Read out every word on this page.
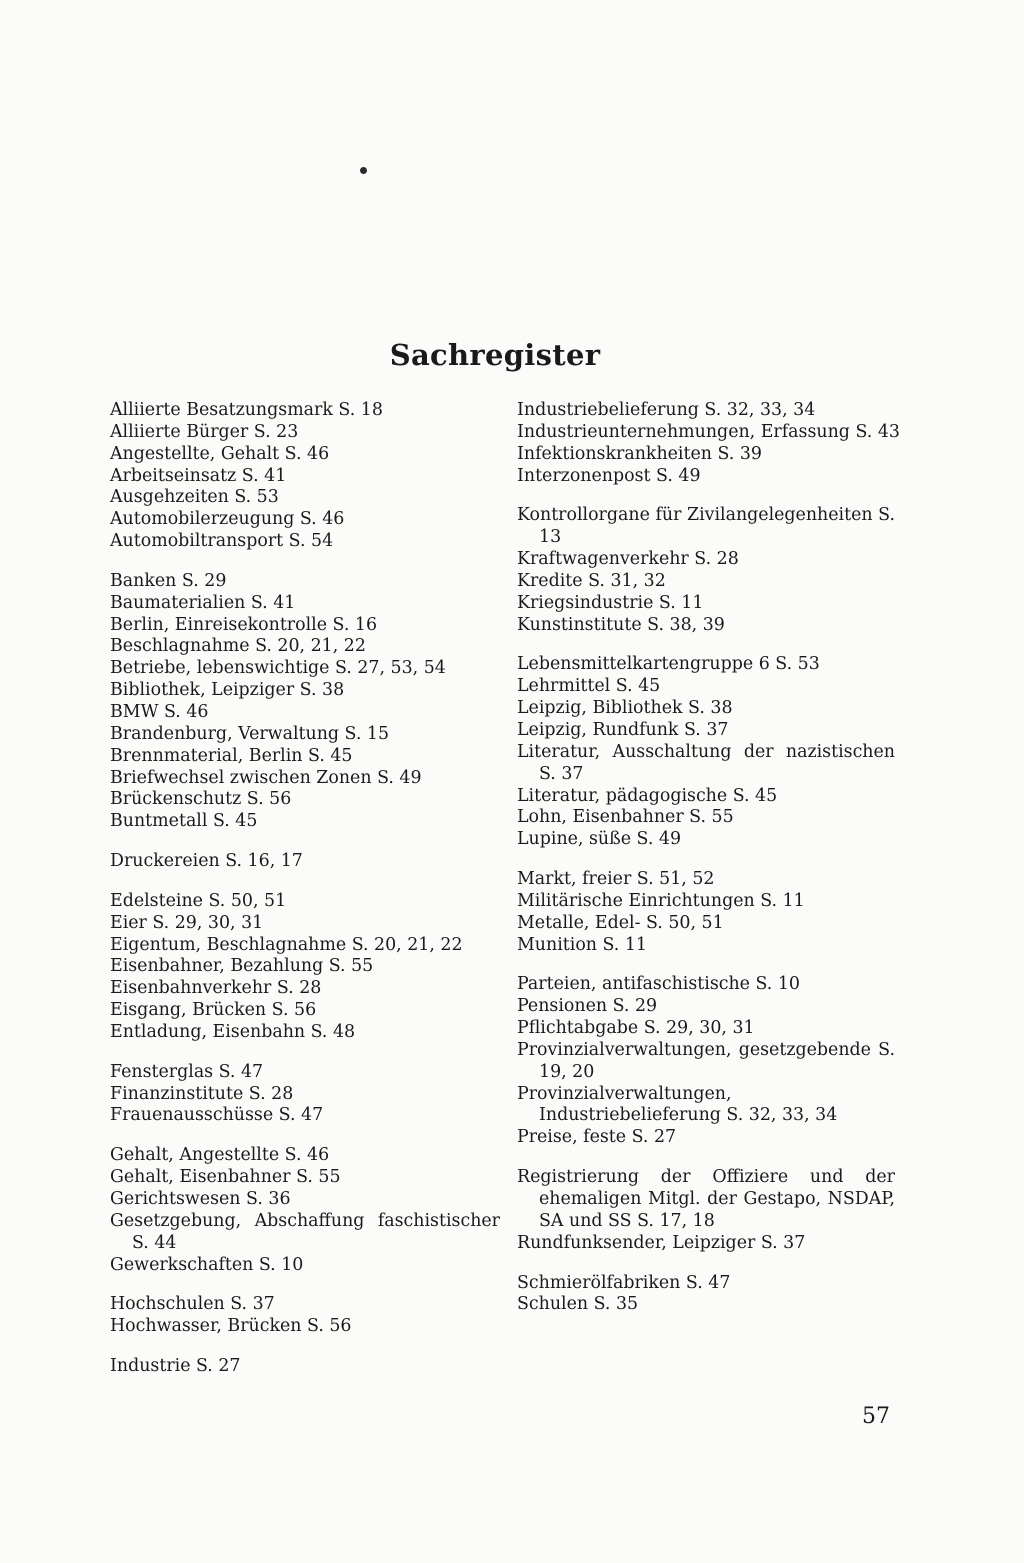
Sachregister
Alliierte Besatzungsmark S. 18
Alliierte Bürger S. 23
Angestellte, Gehalt S. 46
Arbeitseinsatz S. 41
Ausgehzeiten S. 53
Automobilerzeugung S. 46
Automobiltransport S. 54
Banken S. 29
Baumaterialien S. 41
Berlin, Einreisekontrolle S. 16
Beschlagnahme S. 20, 21, 22
Betriebe, lebenswichtige S. 27, 53, 54
Bibliothek, Leipziger S. 38
BMW S. 46
Brandenburg, Verwaltung S. 15
Brennmaterial, Berlin S. 45
Briefwechsel zwischen Zonen S. 49
Brückenschutz S. 56
Buntmetall S. 45
Druckereien S. 16, 17
Edelsteine S. 50, 51
Eier S. 29, 30, 31
Eigentum, Beschlagnahme S. 20, 21, 22
Eisenbahner, Bezahlung S. 55
Eisenbahnverkehr S. 28
Eisgang, Brücken S. 56
Entladung, Eisenbahn S. 48
Fensterglas S. 47
Finanzinstitute S. 28
Frauenausschüsse S. 47
Gehalt, Angestellte S. 46
Gehalt, Eisenbahner S. 55
Gerichtswesen S. 36
Gesetzgebung, Abschaffung faschistischer S. 44
Gewerkschaften S. 10
Hochschulen S. 37
Hochwasser, Brücken S. 56
Industrie S. 27
Industriebelieferung S. 32, 33, 34
Industrieunternehmungen, Erfassung S. 43
Infektionskrankheiten S. 39
Interzonenpost S. 49
Kontrollorgane für Zivilangelegenheiten S. 13
Kraftwagenverkehr S. 28
Kredite S. 31, 32
Kriegsindustrie S. 11
Kunstinstitute S. 38, 39
Lebensmittelkartengruppe 6 S. 53
Lehrmittel S. 45
Leipzig, Bibliothek S. 38
Leipzig, Rundfunk S. 37
Literatur, Ausschaltung der nazistischen S. 37
Literatur, pädagogische S. 45
Lohn, Eisenbahner S. 55
Lupine, süße S. 49
Markt, freier S. 51, 52
Militärische Einrichtungen S. 11
Metalle, Edel- S. 50, 51
Munition S. 11
Parteien, antifaschistische S. 10
Pensionen S. 29
Pflichtabgabe S. 29, 30, 31
Provinzialverwaltungen, gesetzgebende S. 19, 20
Provinzialverwaltungen, Industriebelieferung S. 32, 33, 34
Preise, feste S. 27
Registrierung der Offiziere und der ehemaligen Mitgl. der Gestapo, NSDAP, SA und SS S. 17, 18
Rundfunksender, Leipziger S. 37
Schmierölfabriken S. 47
Schulen S. 35
57
